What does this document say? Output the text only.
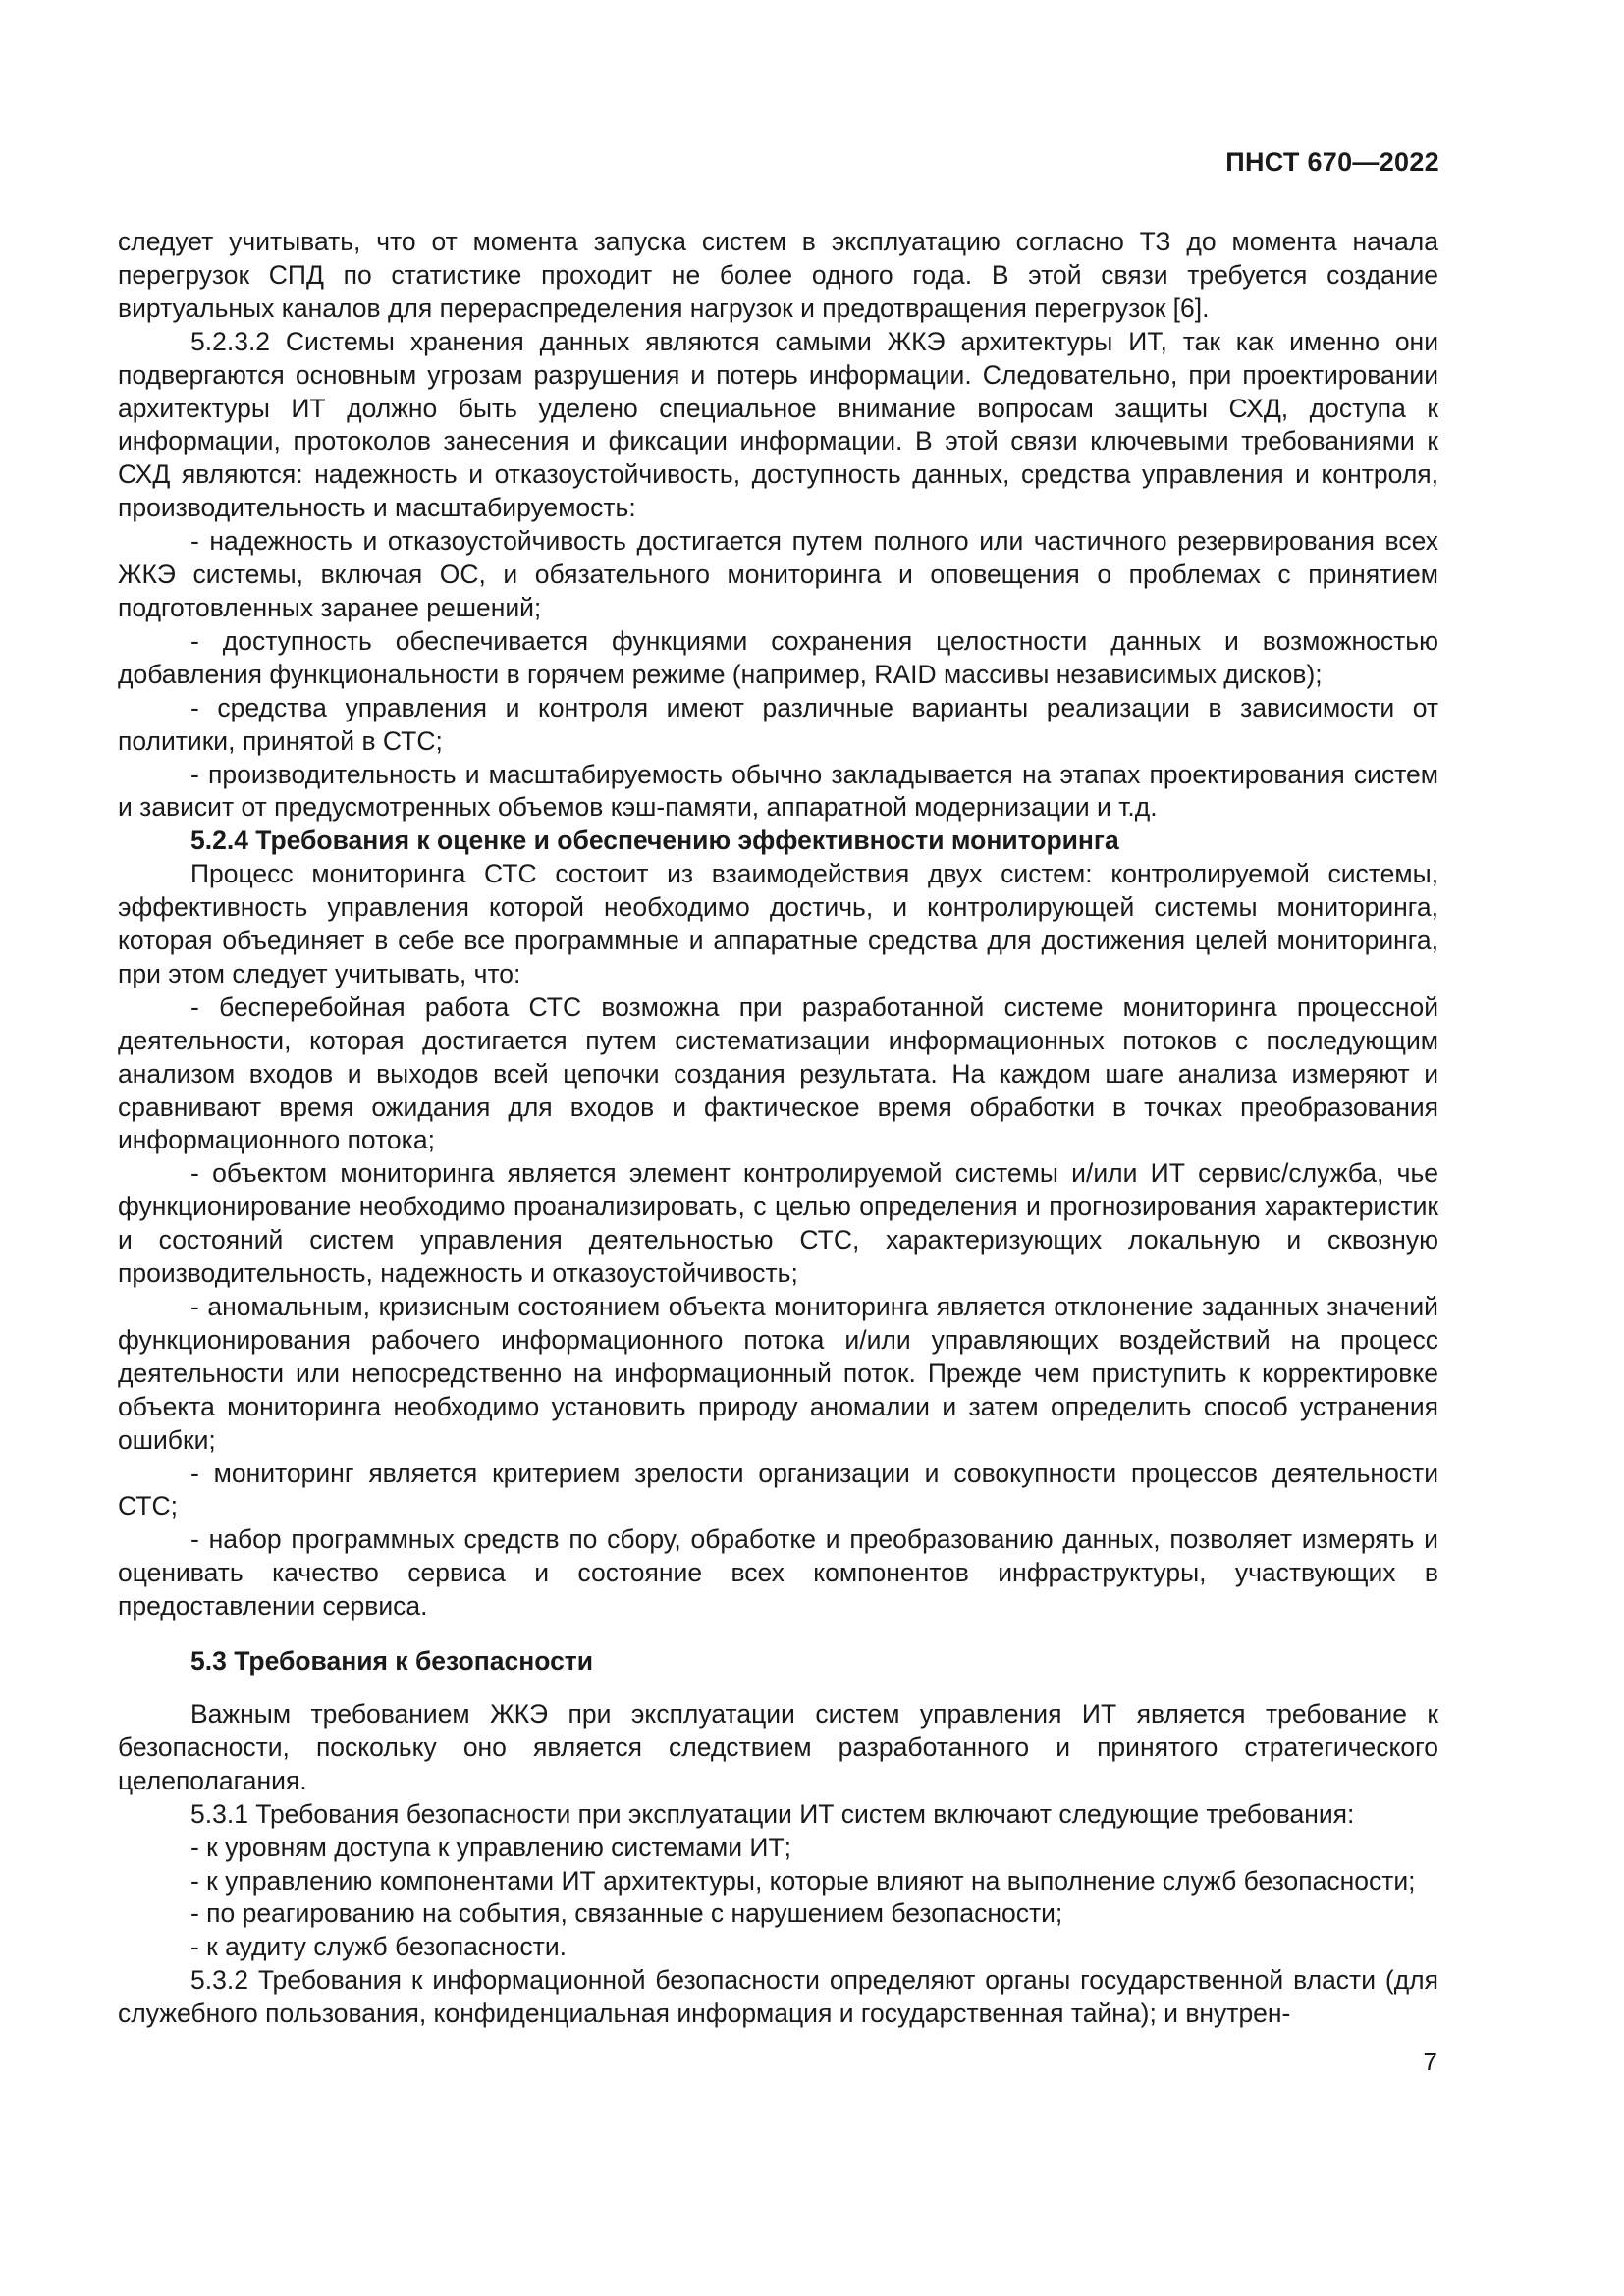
ПНСТ 670—2022

следует учитывать, что от момента запуска систем в эксплуатацию согласно ТЗ до момента начала перегрузок СПД по статистике проходит не более одного года. В этой связи требуется создание виртуальных каналов для перераспределения нагрузок и предотвращения перегрузок [6].

5.2.3.2 Системы хранения данных являются самыми ЖКЭ архитектуры ИТ, так как именно они подвергаются основным угрозам разрушения и потерь информации. Следовательно, при проектировании архитектуры ИТ должно быть уделено специальное внимание вопросам защиты СХД, доступа к информации, протоколов занесения и фиксации информации. В этой связи ключевыми требованиями к СХД являются: надежность и отказоустойчивость, доступность данных, средства управления и контроля, производительность и масштабируемость:

- надежность и отказоустойчивость достигается путем полного или частичного резервирования всех ЖКЭ системы, включая ОС, и обязательного мониторинга и оповещения о проблемах с принятием подготовленных заранее решений;

- доступность обеспечивается функциями сохранения целостности данных и возможностью добавления функциональности в горячем режиме (например, RAID массивы независимых дисков);

- средства управления и контроля имеют различные варианты реализации в зависимости от политики, принятой в СТС;

- производительность и масштабируемость обычно закладывается на этапах проектирования систем и зависит от предусмотренных объемов кэш-памяти, аппаратной модернизации и т.д.

5.2.4 Требования к оценке и обеспечению эффективности мониторинга

Процесс мониторинга СТС состоит из взаимодействия двух систем: контролируемой системы, эффективность управления которой необходимо достичь, и контролирующей системы мониторинга, которая объединяет в себе все программные и аппаратные средства для достижения целей мониторинга, при этом следует учитывать, что:

- бесперебойная работа СТС возможна при разработанной системе мониторинга процессной деятельности, которая достигается путем систематизации информационных потоков с последующим анализом входов и выходов всей цепочки создания результата. На каждом шаге анализа измеряют и сравнивают время ожидания для входов и фактическое время обработки в точках преобразования информационного потока;

- объектом мониторинга является элемент контролируемой системы и/или ИТ сервис/служба, чье функционирование необходимо проанализировать, с целью определения и прогнозирования характеристик и состояний систем управления деятельностью СТС, характеризующих локальную и сквозную производительность, надежность и отказоустойчивость;

- аномальным, кризисным состоянием объекта мониторинга является отклонение заданных значений функционирования рабочего информационного потока и/или управляющих воздействий на процесс деятельности или непосредственно на информационный поток. Прежде чем приступить к корректировке объекта мониторинга необходимо установить природу аномалии и затем определить способ устранения ошибки;

- мониторинг является критерием зрелости организации и совокупности процессов деятельности СТС;

- набор программных средств по сбору, обработке и преобразованию данных, позволяет измерять и оценивать качество сервиса и состояние всех компонентов инфраструктуры, участвующих в предоставлении сервиса.

5.3 Требования к безопасности

Важным требованием ЖКЭ при эксплуатации систем управления ИТ является требование к безопасности, поскольку оно является следствием разработанного и принятого стратегического целеполагания.

5.3.1 Требования безопасности при эксплуатации ИТ систем включают следующие требования:

- к уровням доступа к управлению системами ИТ;

- к управлению компонентами ИТ архитектуры, которые влияют на выполнение служб безопасности;

- по реагированию на события, связанные с нарушением безопасности;

- к аудиту служб безопасности.

5.3.2 Требования к информационной безопасности определяют органы государственной власти (для служебного пользования, конфиденциальная информация и государственная тайна); и внутрен-

7
